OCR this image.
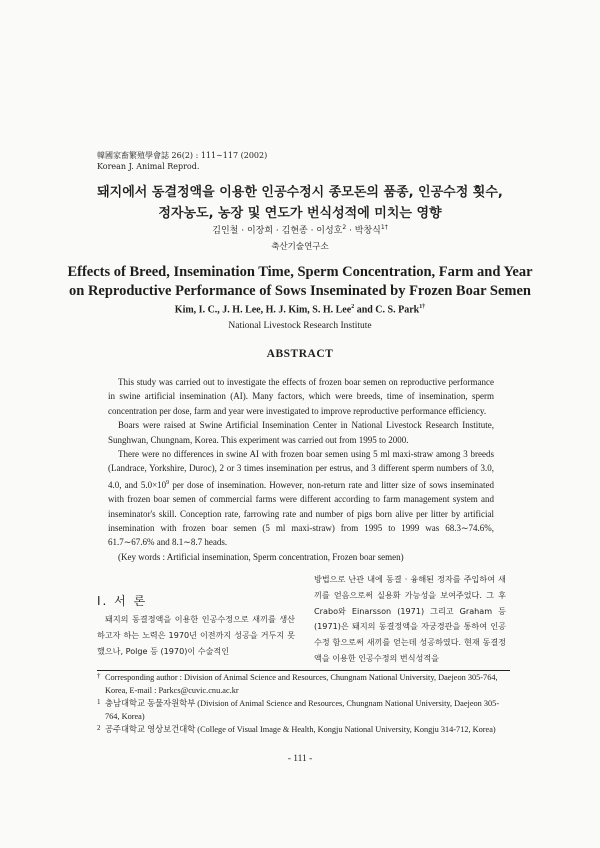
韓國家畜繁殖學會誌 26(2) : 111∼117 (2002)
Korean J. Animal Reprod.
돼지에서 동결정액을 이용한 인공수정시 종모돈의 품종, 인공수정 횟수,
정자농도, 농장 및 연도가 번식성적에 미치는 영향
김인철 · 이장희 · 김현종 · 이성호$^2$ · 박창식$^{1\dagger}$
축산기술연구소
Effects of Breed, Insemination Time, Sperm Concentration, Farm and Year
on Reproductive Performance of Sows Inseminated by Frozen Boar Semen
Kim, I. C., J. H. Lee, H. J. Kim, S. H. Lee$^2$ and C. S. Park$^{1\dagger}$
National Livestock Research Institute
ABSTRACT

This study was carried out to investigate the effects of frozen boar semen on reproductive performance in swine artificial insemination (AI). Many factors, which were breeds, time of insemination, sperm concentration per dose, farm and year were investigated to improve reproductive performance efficiency.

Boars were raised at Swine Artificial Insemination Center in National Livestock Research Institute, Sunghwan, Chungnam, Korea. This experiment was carried out from 1995 to 2000.

There were no differences in swine AI with frozen boar semen using 5 ml maxi-straw among 3 breeds (Landrace, Yorkshire, Duroc), 2 or 3 times insemination per estrus, and 3 different sperm numbers of 3.0, 4.0, and $5.0\times 10^9$ per dose of insemination. However, non-return rate and litter size of sows inseminated with frozen boar semen of commercial farms were different according to farm management system and inseminator's skill. Conception rate, farrowing rate and number of pigs born alive per litter by artificial insemination with frozen boar semen (5 ml maxi-straw) from 1995 to 1999 was 68.3∼74.6%, 61.7∼67.6% and 8.1∼8.7 heads.

(Key words : Artificial insemination, Sperm concentration, Frozen boar semen)

Ⅰ. 서 론

돼지의 동결정액을 이용한 인공수정으로 새끼를 생산하고자 하는 노력은 1970년 이전까지 성공을 거두지 못했으나, Polge 등 (1970)이 수술적인

방법으로 난관 내에 동결 · 융해된 정자를 주입하여 새끼를 얻음으로써 실용화 가능성을 보여주었다. 그 후 Crabo와 Einarsson (1971) 그리고 Graham 등 (1971)은 돼지의 동결정액을 자궁경관을 통하여 인공수정 함으로써 새끼를 얻는데 성공하였다. 현재 동결정액을 이용한 인공수정의 번식성적을

† Corresponding author : Division of Animal Science and Resources, Chungnam National University, Daejeon 305-764, Korea, E-mail : Parkcs@cuvic.cnu.ac.kr
1 충남대학교 동물자원학부 (Division of Animal Science and Resources, Chungnam National University, Daejeon 305-764, Korea)
2 공주대학교 영상보건대학 (College of Visual Image & Health, Kongju National University, Kongju 314-712, Korea)
- 111 -
